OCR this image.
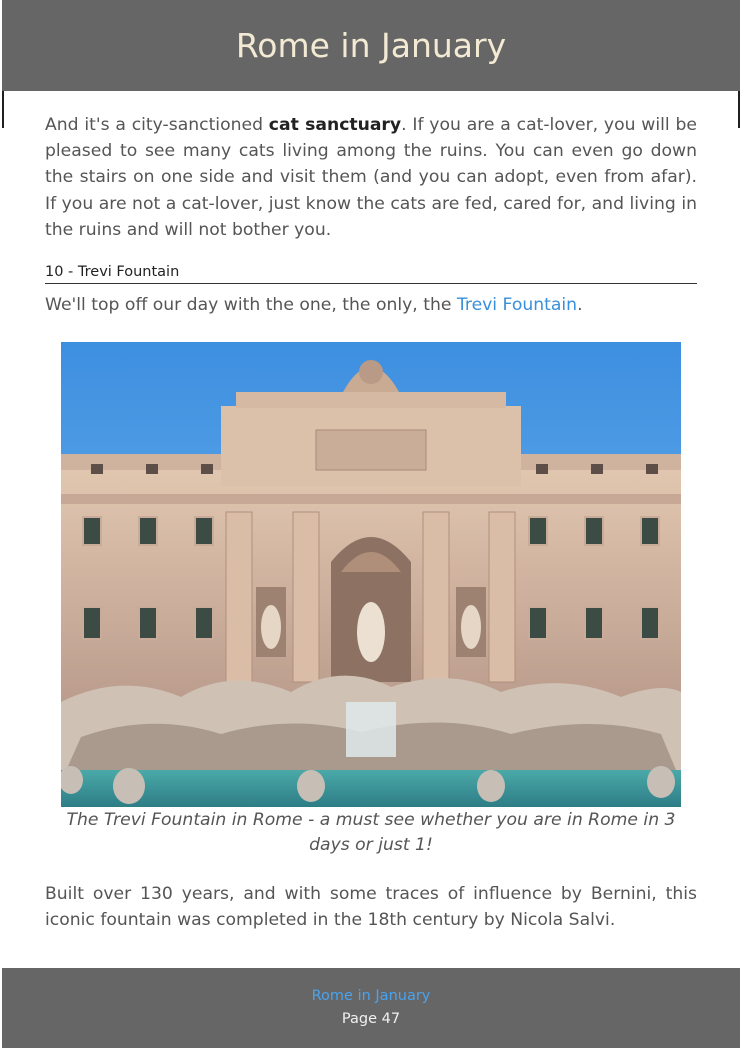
Rome in January
And it's a city-sanctioned cat sanctuary. If you are a cat-lover, you will be pleased to see many cats living among the ruins. You can even go down the stairs on one side and visit them (and you can adopt, even from afar). If you are not a cat-lover, just know the cats are fed, cared for, and living in the ruins and will not bother you.
10 - Trevi Fountain
We'll top off our day with the one, the only, the Trevi Fountain.
The Trevi Fountain in Rome - a must see whether you are in Rome in 3 days or just 1!
Built over 130 years, and with some traces of influence by Bernini, this iconic fountain was completed in the 18th century by Nicola Salvi.
Rome in January
Page 47
